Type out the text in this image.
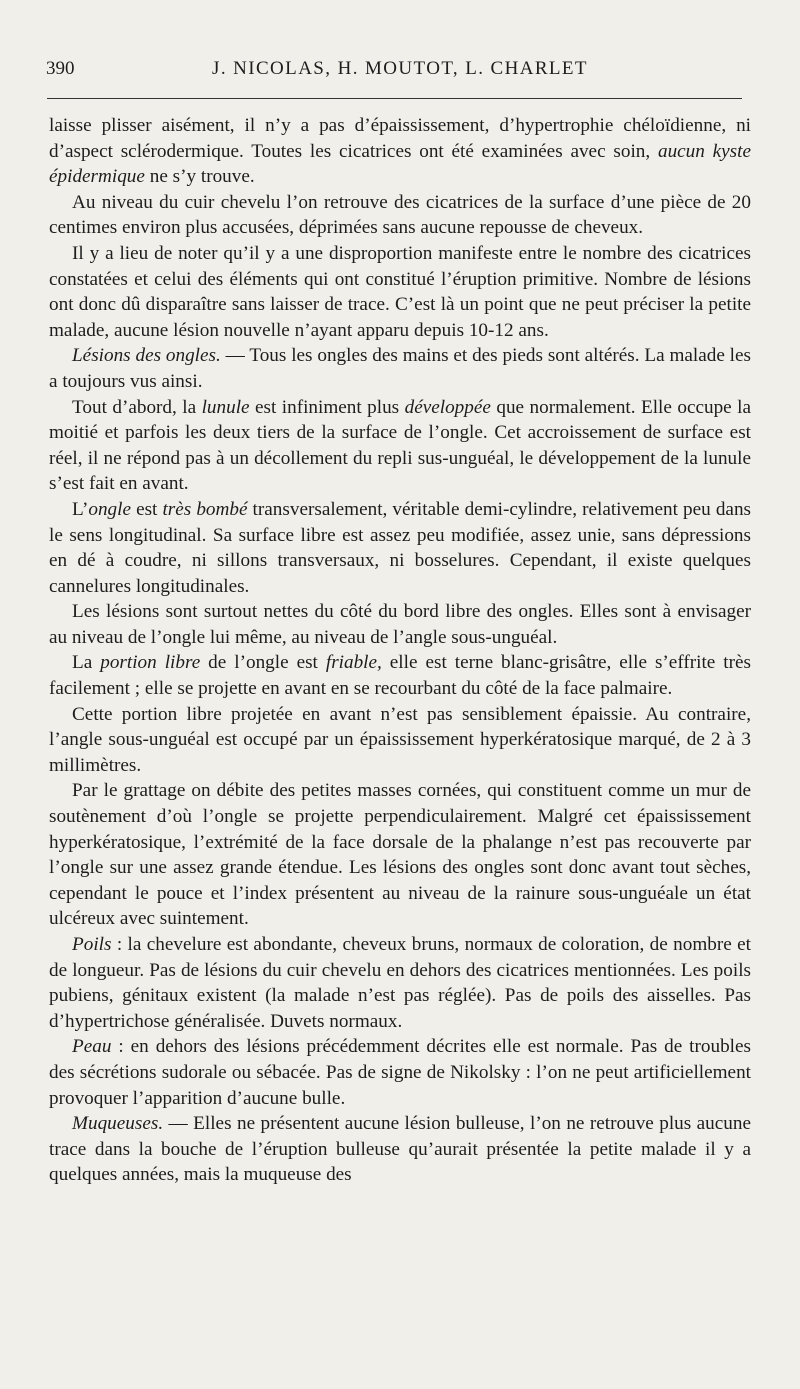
390	J. NICOLAS, H. MOUTOT, L. CHARLET

laisse plisser aisément, il n’y a pas d’épaississement, d’hypertrophie chéloïdienne, ni d’aspect sclérodermique. Toutes les cicatrices ont été examinées avec soin, aucun kyste épidermique ne s’y trouve.

Au niveau du cuir chevelu l’on retrouve des cicatrices de la surface d’une pièce de 20 centimes environ plus accusées, déprimées sans aucune repousse de cheveux.

Il y a lieu de noter qu’il y a une disproportion manifeste entre le nombre des cicatrices constatées et celui des éléments qui ont constitué l’éruption primitive. Nombre de lésions ont donc dû disparaître sans laisser de trace. C’est là un point que ne peut préciser la petite malade, aucune lésion nouvelle n’ayant apparu depuis 10-12 ans.

Lésions des ongles. — Tous les ongles des mains et des pieds sont altérés. La malade les a toujours vus ainsi.

Tout d’abord, la lunule est infiniment plus développée que normalement. Elle occupe la moitié et parfois les deux tiers de la surface de l’ongle. Cet accroissement de surface est réel, il ne répond pas à un décollement du repli sus-unguéal, le développement de la lunule s’est fait en avant.

L’ongle est très bombé transversalement, véritable demi-cylindre, relativement peu dans le sens longitudinal. Sa surface libre est assez peu modifiée, assez unie, sans dépressions en dé à coudre, ni sillons transversaux, ni bosselures. Cependant, il existe quelques cannelures longitudinales.

Les lésions sont surtout nettes du côté du bord libre des ongles. Elles sont à envisager au niveau de l’ongle lui même, au niveau de l’angle sous-unguéal.

La portion libre de l’ongle est friable, elle est terne blanc-grisâtre, elle s’effrite très facilement ; elle se projette en avant en se recourbant du côté de la face palmaire.

Cette portion libre projetée en avant n’est pas sensiblement épaissie. Au contraire, l’angle sous-unguéal est occupé par un épaississement hyperkératosique marqué, de 2 à 3 millimètres.

Par le grattage on débite des petites masses cornées, qui constituent comme un mur de soutènement d’où l’ongle se projette perpendiculairement. Malgré cet épaississement hyperkératosique, l’extrémité de la face dorsale de la phalange n’est pas recouverte par l’ongle sur une assez grande étendue. Les lésions des ongles sont donc avant tout sèches, cependant le pouce et l’index présentent au niveau de la rainure sous-unguéale un état ulcéreux avec suintement.

Poils : la chevelure est abondante, cheveux bruns, normaux de coloration, de nombre et de longueur. Pas de lésions du cuir chevelu en dehors des cicatrices mentionnées. Les poils pubiens, génitaux existent (la malade n’est pas réglée). Pas de poils des aisselles. Pas d’hypertrichose généralisée. Duvets normaux.

Peau : en dehors des lésions précédemment décrites elle est normale. Pas de troubles des sécrétions sudorale ou sébacée. Pas de signe de Nikolsky : l’on ne peut artificiellement provoquer l’apparition d’aucune bulle.

Muqueuses. — Elles ne présentent aucune lésion bulleuse, l’on ne retrouve plus aucune trace dans la bouche de l’éruption bulleuse qu’aurait présentée la petite malade il y a quelques années, mais la muqueuse des
